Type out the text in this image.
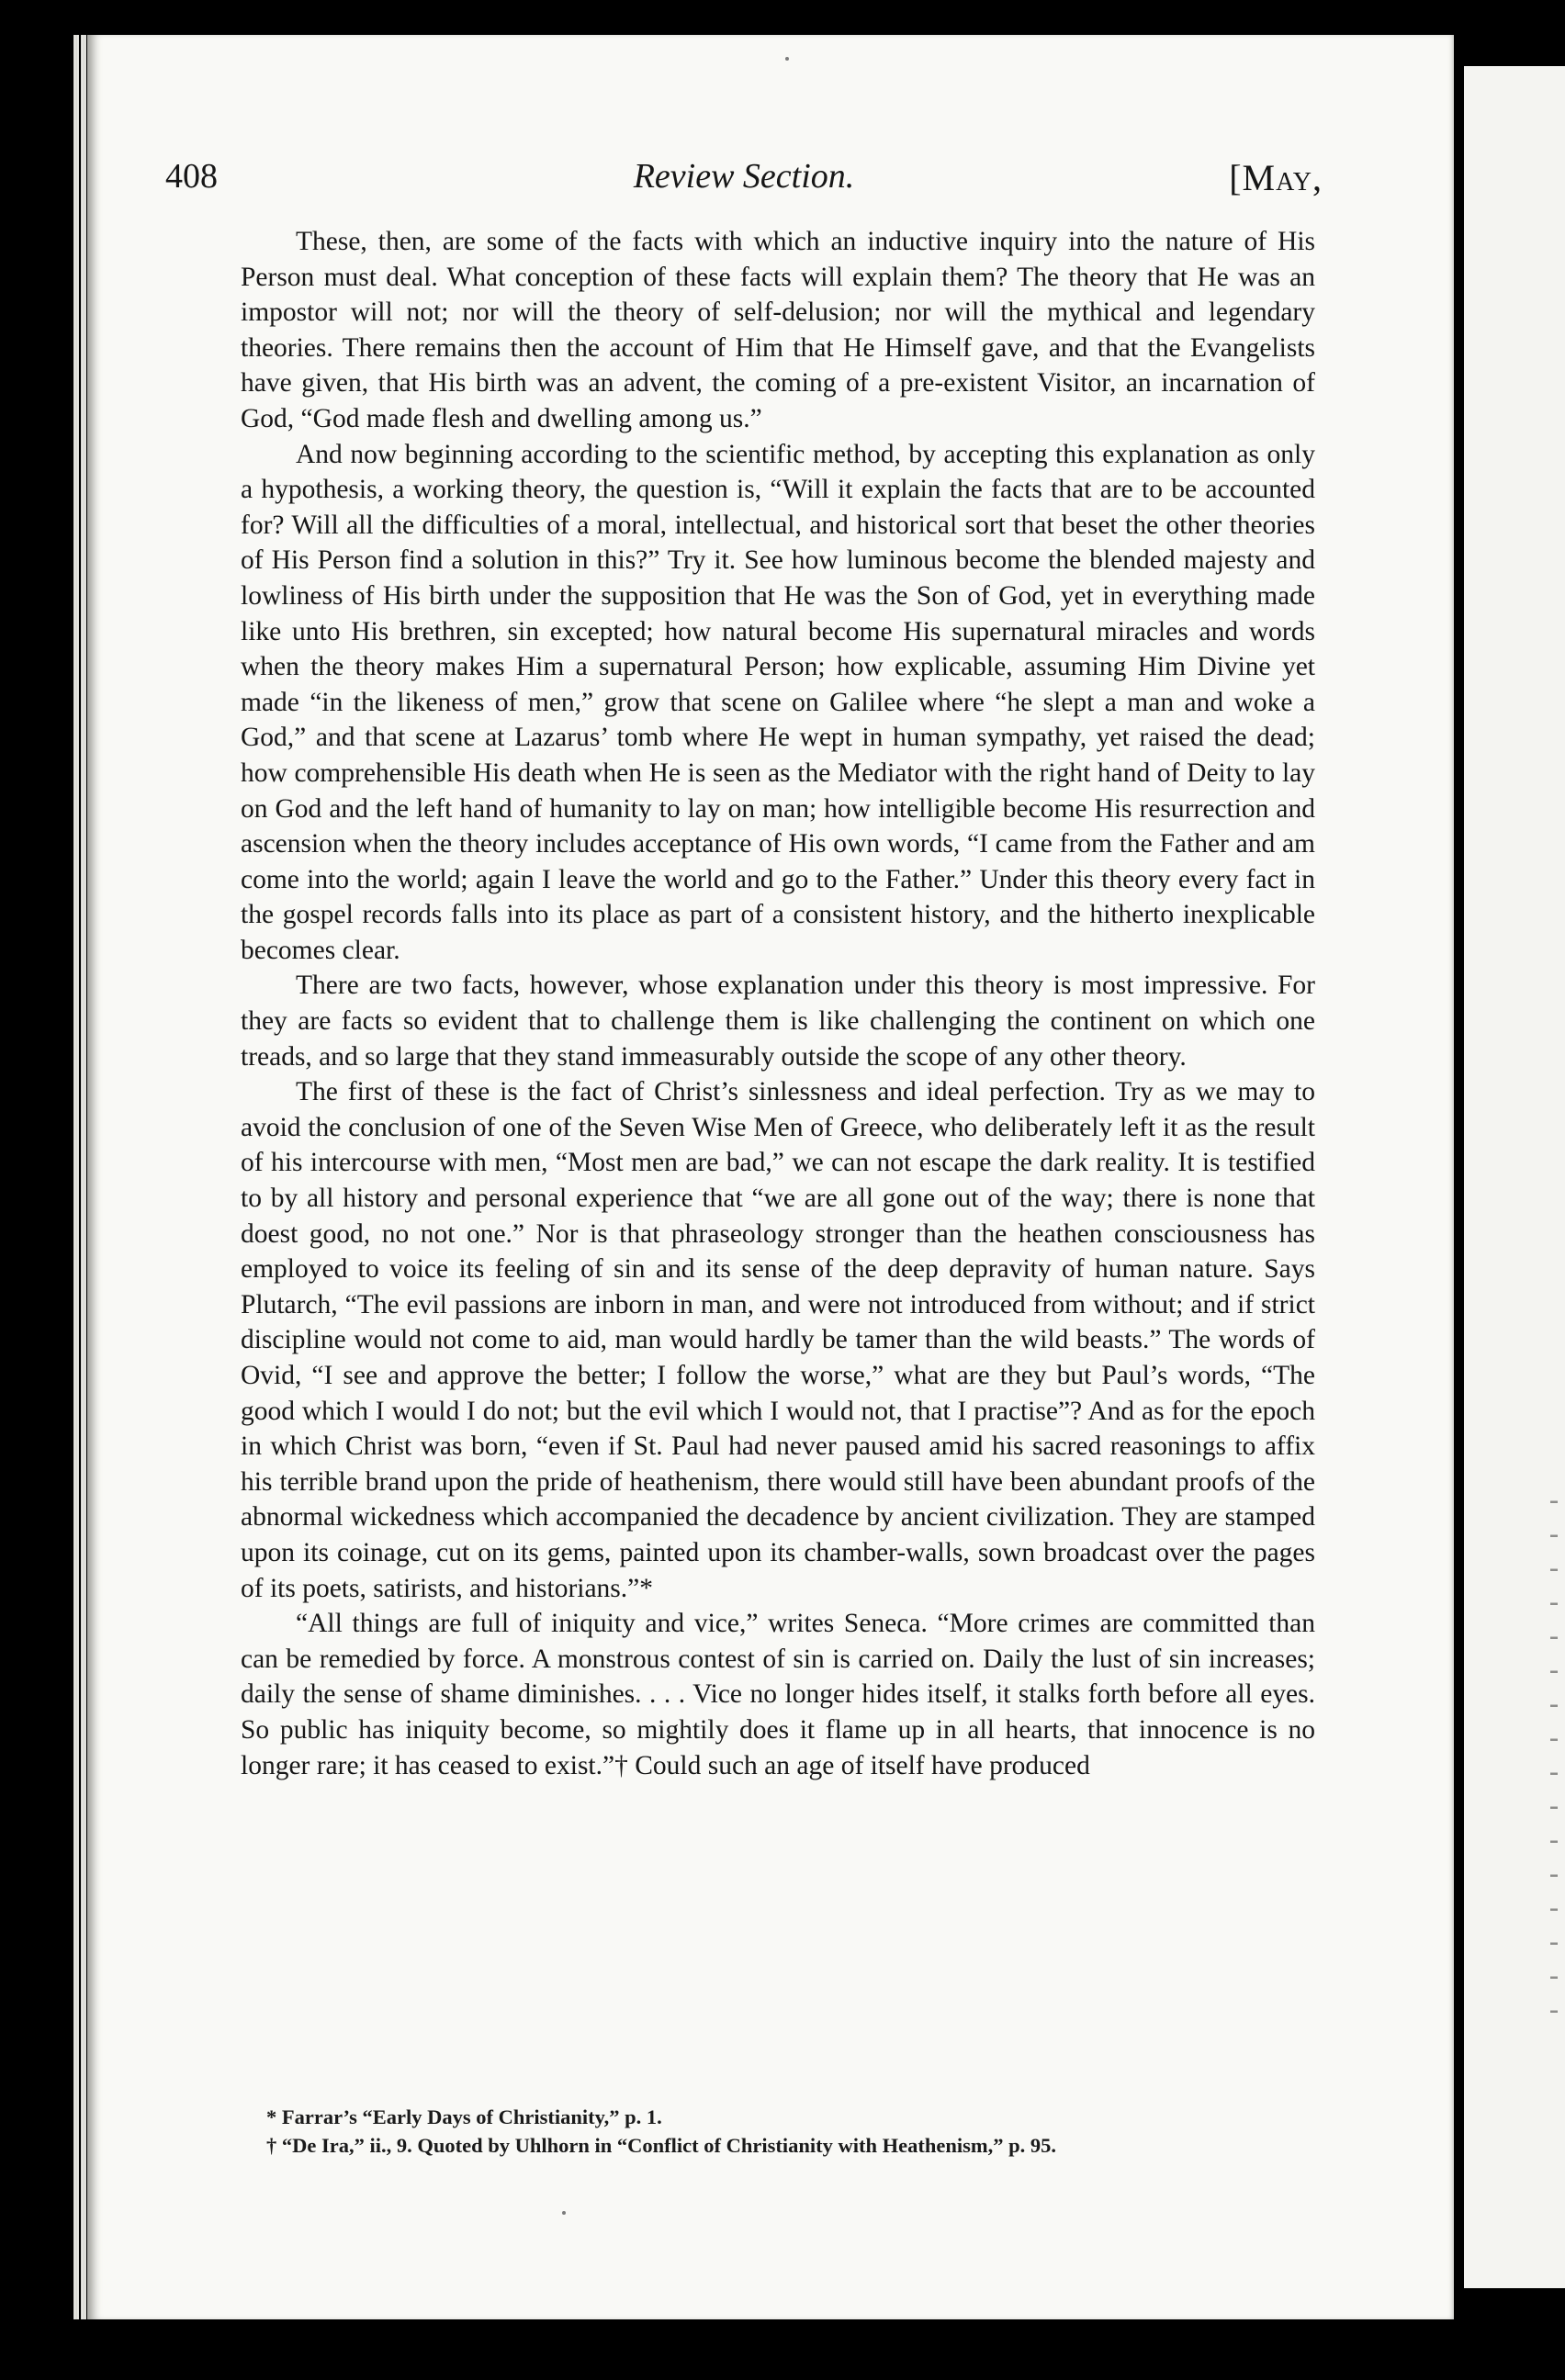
408	Review Section.	[May,

These, then, are some of the facts with which an inductive inquiry into the nature of His Person must deal. What conception of these facts will explain them? The theory that He was an impostor will not; nor will the theory of self-delusion; nor will the mythical and legendary theories. There remains then the account of Him that He Himself gave, and that the Evangelists have given, that His birth was an advent, the coming of a pre-existent Visitor, an incarnation of God, “God made flesh and dwelling among us.”

And now beginning according to the scientific method, by accepting this explanation as only a hypothesis, a working theory, the question is, “Will it explain the facts that are to be accounted for? Will all the difficulties of a moral, intellectual, and historical sort that beset the other theories of His Person find a solution in this?” Try it. See how luminous become the blended majesty and lowliness of His birth under the supposition that He was the Son of God, yet in everything made like unto His brethren, sin excepted; how natural become His supernatural miracles and words when the theory makes Him a supernatural Person; how explicable, assuming Him Divine yet made “in the likeness of men,” grow that scene on Galilee where “he slept a man and woke a God,” and that scene at Lazarus’ tomb where He wept in human sympathy, yet raised the dead; how comprehensible His death when He is seen as the Mediator with the right hand of Deity to lay on God and the left hand of humanity to lay on man; how intelligible become His resurrection and ascension when the theory includes acceptance of His own words, “I came from the Father and am come into the world; again I leave the world and go to the Father.” Under this theory every fact in the gospel records falls into its place as part of a consistent history, and the hitherto inexplicable becomes clear.

There are two facts, however, whose explanation under this theory is most impressive. For they are facts so evident that to challenge them is like challenging the continent on which one treads, and so large that they stand immeasurably outside the scope of any other theory.

The first of these is the fact of Christ’s sinlessness and ideal perfection. Try as we may to avoid the conclusion of one of the Seven Wise Men of Greece, who deliberately left it as the result of his intercourse with men, “Most men are bad,” we can not escape the dark reality. It is testified to by all history and personal experience that “we are all gone out of the way; there is none that doest good, no not one.” Nor is that phraseology stronger than the heathen consciousness has employed to voice its feeling of sin and its sense of the deep depravity of human nature. Says Plutarch, “The evil passions are inborn in man, and were not introduced from without; and if strict discipline would not come to aid, man would hardly be tamer than the wild beasts.” The words of Ovid, “I see and approve the better; I follow the worse,” what are they but Paul’s words, “The good which I would I do not; but the evil which I would not, that I practise”? And as for the epoch in which Christ was born, “even if St. Paul had never paused amid his sacred reasonings to affix his terrible brand upon the pride of heathenism, there would still have been abundant proofs of the abnormal wickedness which accompanied the decadence by ancient civilization. They are stamped upon its coinage, cut on its gems, painted upon its chamber-walls, sown broadcast over the pages of its poets, satirists, and historians.”*

“All things are full of iniquity and vice,” writes Seneca. “More crimes are committed than can be remedied by force. A monstrous contest of sin is carried on. Daily the lust of sin increases; daily the sense of shame diminishes. . . . Vice no longer hides itself, it stalks forth before all eyes. So public has iniquity become, so mightily does it flame up in all hearts, that innocence is no longer rare; it has ceased to exist.”† Could such an age of itself have produced

* Farrar’s “Early Days of Christianity,” p. 1.
† “De Ira,” ii., 9. Quoted by Uhlhorn in “Conflict of Christianity with Heathenism,” p. 95.
